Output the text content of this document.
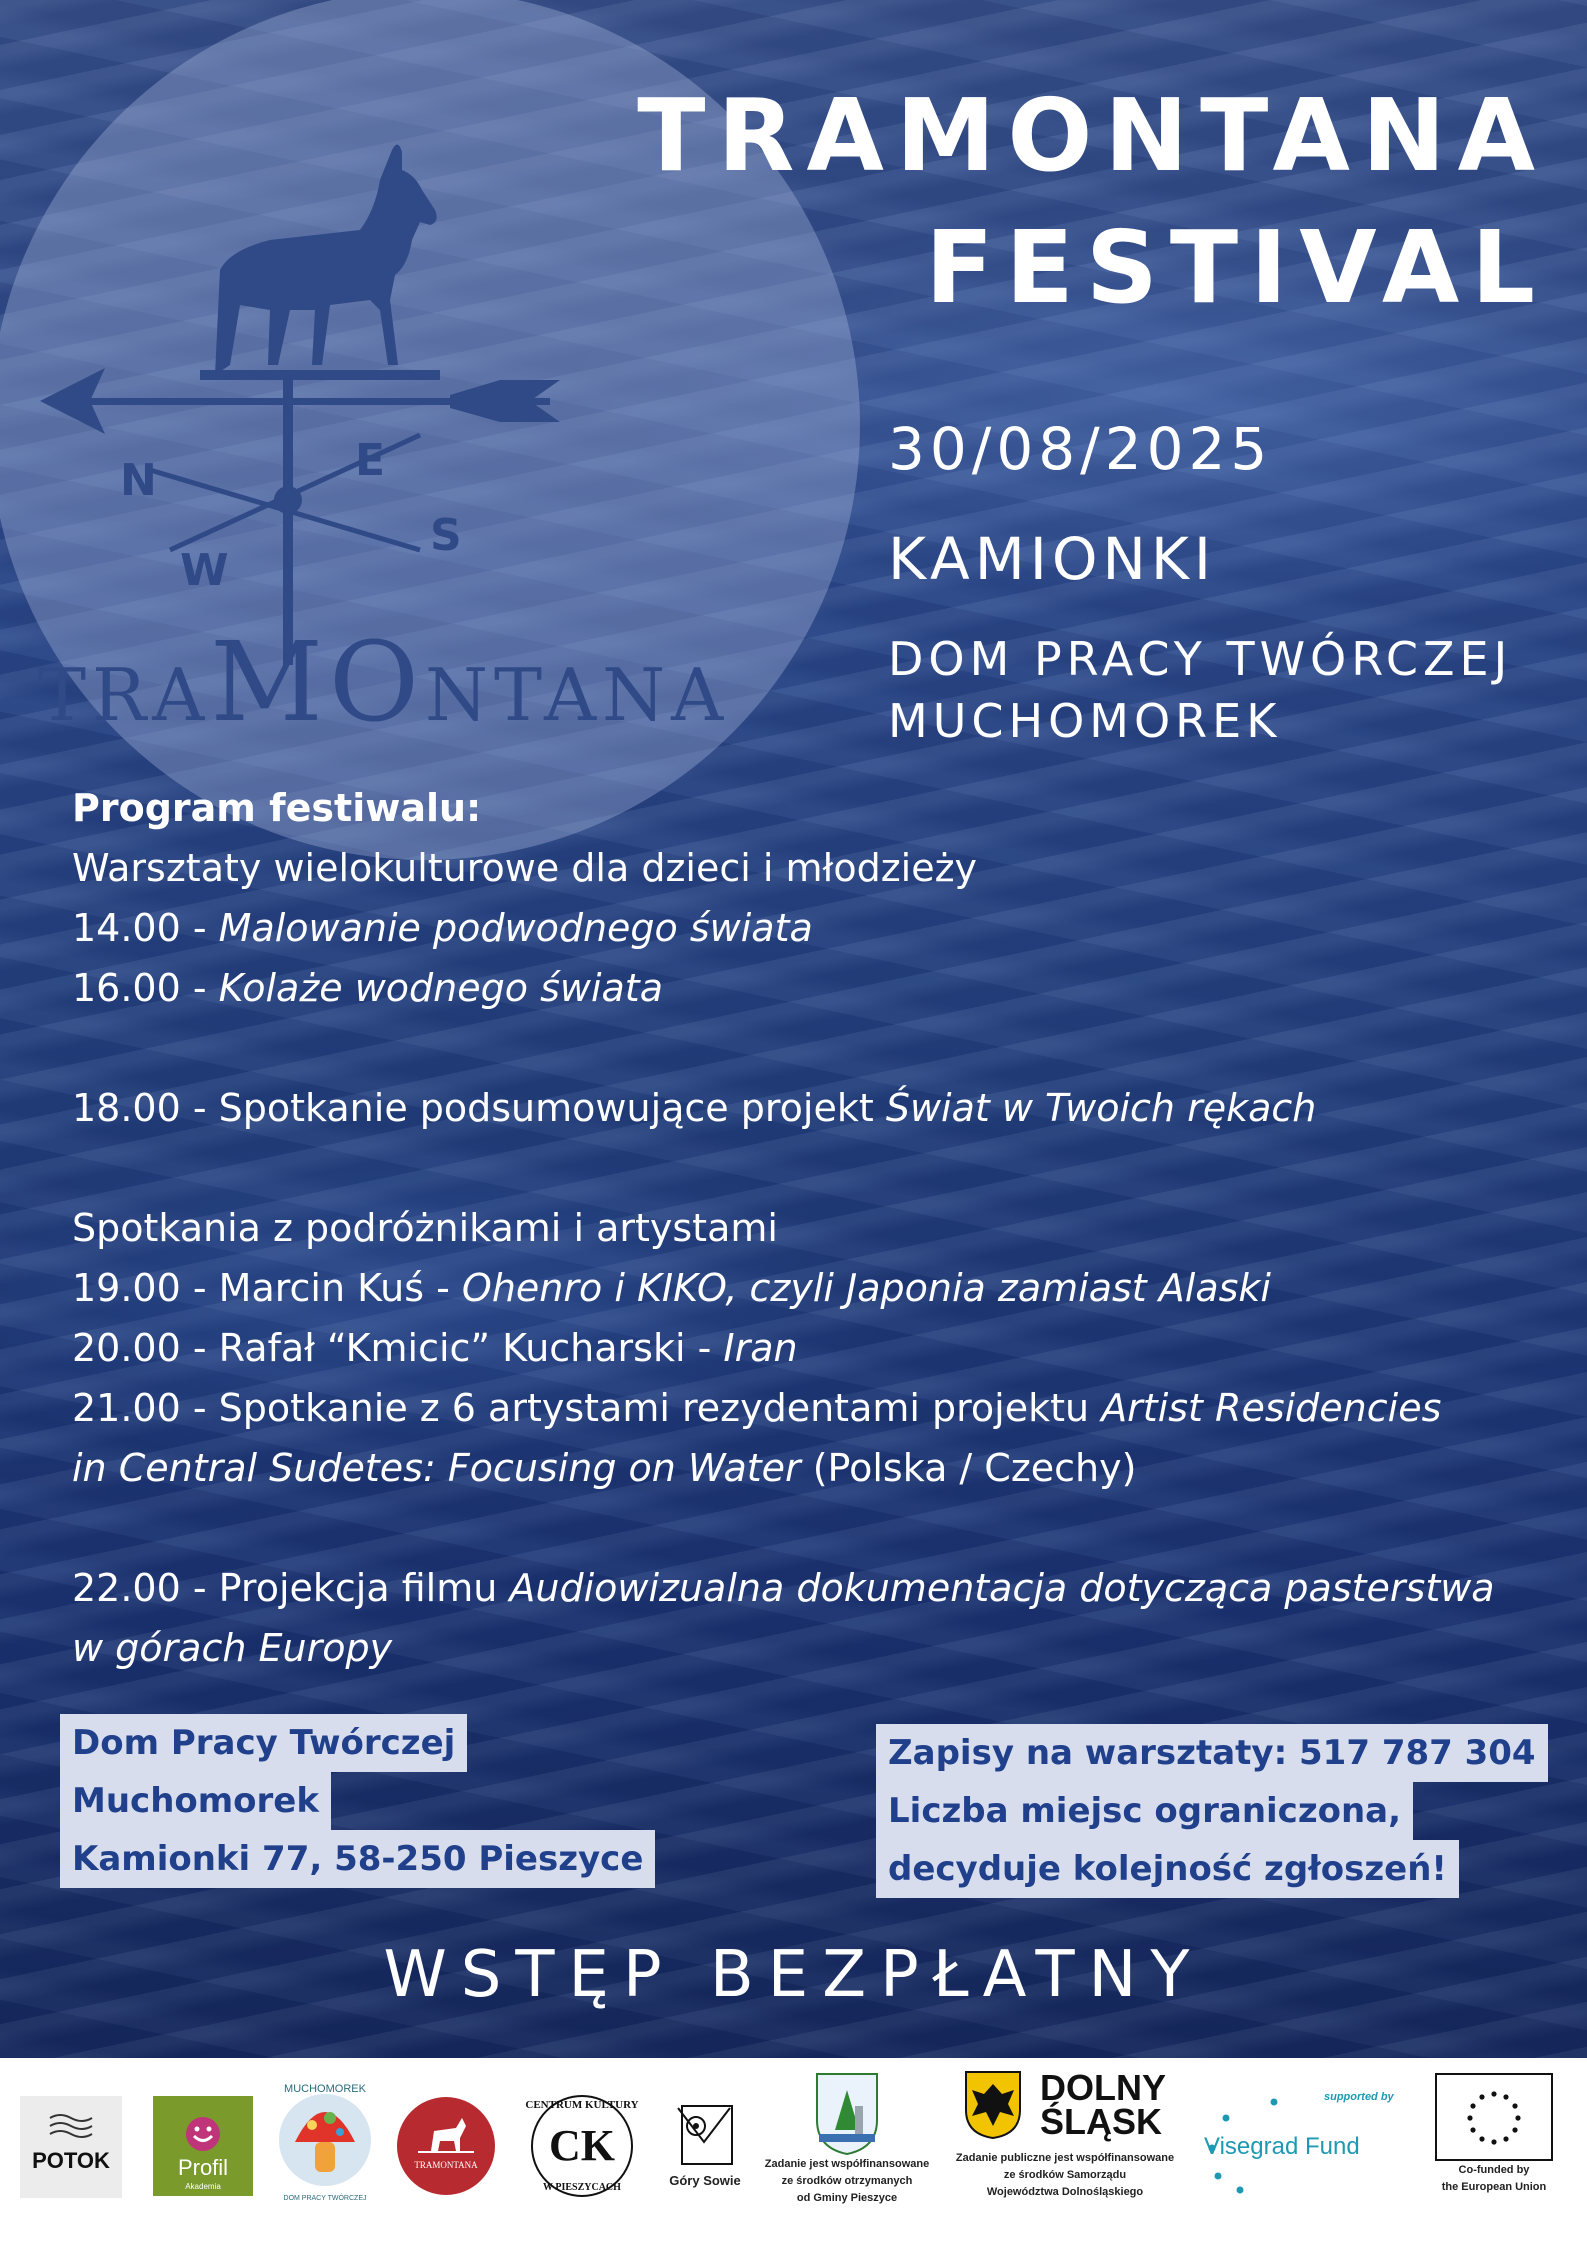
N	E
S
W
TRAMONTANA
TRAMONTANA
FESTIVAL
30/08/2025
KAMIONKI
DOM PRACY TWÓRCZEJ
MUCHOMOREK
Program festiwalu:
Warsztaty wielokulturowe dla dzieci i młodzieży
14.00 - Malowanie podwodnego świata
16.00 - Kolaże wodnego świata
18.00 - Spotkanie podsumowujące projekt Świat w Twoich rękach
Spotkania z podróżnikami i artystami
19.00 - Marcin Kuś - Ohenro i KIKO, czyli Japonia zamiast Alaski
20.00 - Rafał “Kmicic” Kucharski - Iran
21.00 - Spotkanie z 6 artystami rezydentami projektu Artist Residencies
in Central Sudetes: Focusing on Water (Polska / Czechy)
22.00 - Projekcja filmu Audiowizualna dokumentacja dotycząca pasterstwa
w górach Europy
Dom Pracy Twórczej
Muchomorek
Kamionki 77, 58-250 Pieszyce
Zapisy na warsztaty: 517 787 304
Liczba miejsc ograniczona,
decyduje kolejność zgłoszeń!
WSTĘP BEZPŁATNY
POTOK	Profil
Akademia
MUCHOMOREK
DOM PRACY TWÓRCZEJ
TRAMONTANA
CENTRUM KULTURY
CK
W PIESZYCACH	Góry Sowie
Zadanie jest współfinansowane
ze środków otrzymanych
od Gminy Pieszyce
DOLNY
ŚLĄSK
Zadanie publiczne jest współfinansowane
ze środków Samorządu
Województwa Dolnośląskiego
supported by
Visegrad Fund
Co-funded by
the European Union
